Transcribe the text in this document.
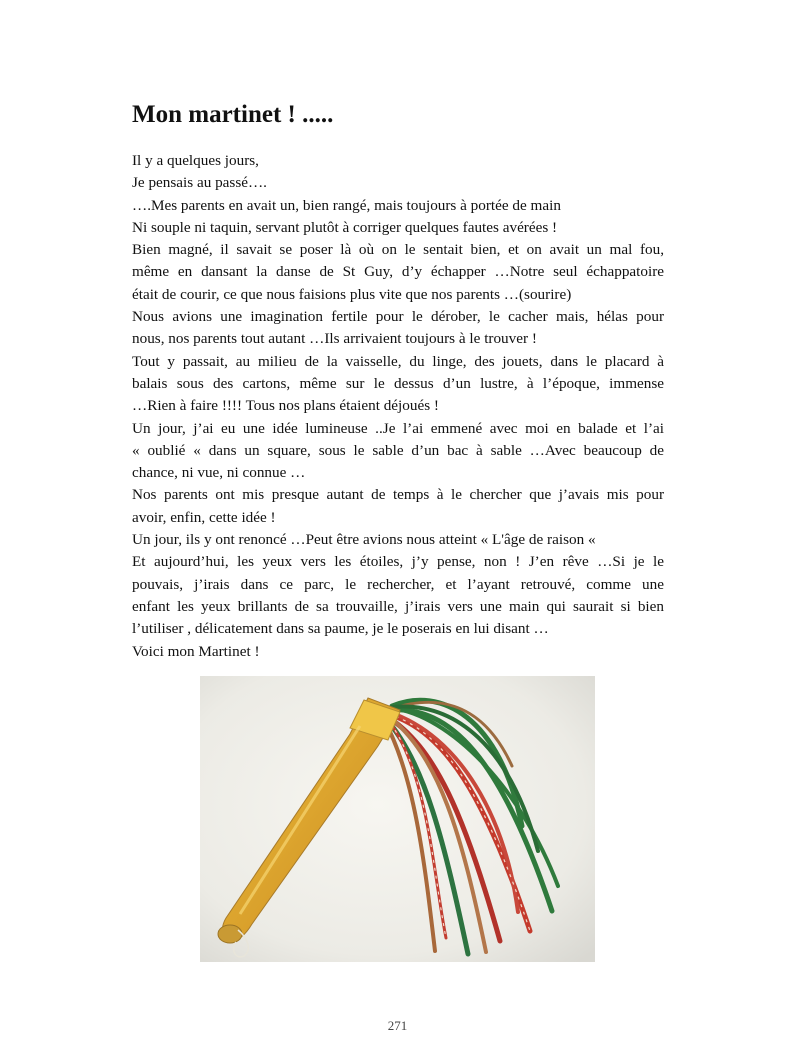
Mon martinet ! .....
Il y a quelques jours,
Je pensais au passé….
….Mes parents en avait un, bien rangé, mais toujours à portée de main
Ni souple ni taquin, servant plutôt à corriger quelques fautes avérées !
Bien magné, il savait se poser là où on le sentait bien, et on avait un mal fou,
même en dansant la danse de St Guy, d’y échapper …Notre seul échappatoire
était de courir, ce que nous faisions plus vite que nos parents …(sourire)
Nous avions une imagination fertile pour le dérober, le cacher mais, hélas pour
nous, nos parents tout autant …Ils arrivaient toujours à le trouver !
Tout y passait, au milieu de la vaisselle, du linge, des jouets, dans le placard à
balais sous des cartons, même sur le dessus d’un lustre, à l’époque, immense
…Rien à faire !!!! Tous nos plans étaient déjoués !
Un jour, j’ai eu une idée lumineuse ..Je l’ai emmené avec moi en balade et l’ai
« oublié « dans un square, sous le sable d’un bac à sable …Avec beaucoup de
chance, ni vue, ni connue …
Nos parents ont mis presque autant de temps à le chercher que j’avais mis pour
avoir, enfin, cette idée !
Un jour, ils y ont renoncé …Peut être avions nous atteint « L'âge de raison «
Et aujourd’hui, les yeux vers les étoiles, j’y pense, non ! J’en rêve …Si je le
pouvais, j’irais dans ce parc, le rechercher, et l’ayant retrouvé, comme une
enfant les yeux brillants de sa trouvaille, j’irais vers une main qui saurait si bien
l’utiliser , délicatement dans sa paume, je le poserais en lui disant …
Voici mon Martinet !
271
